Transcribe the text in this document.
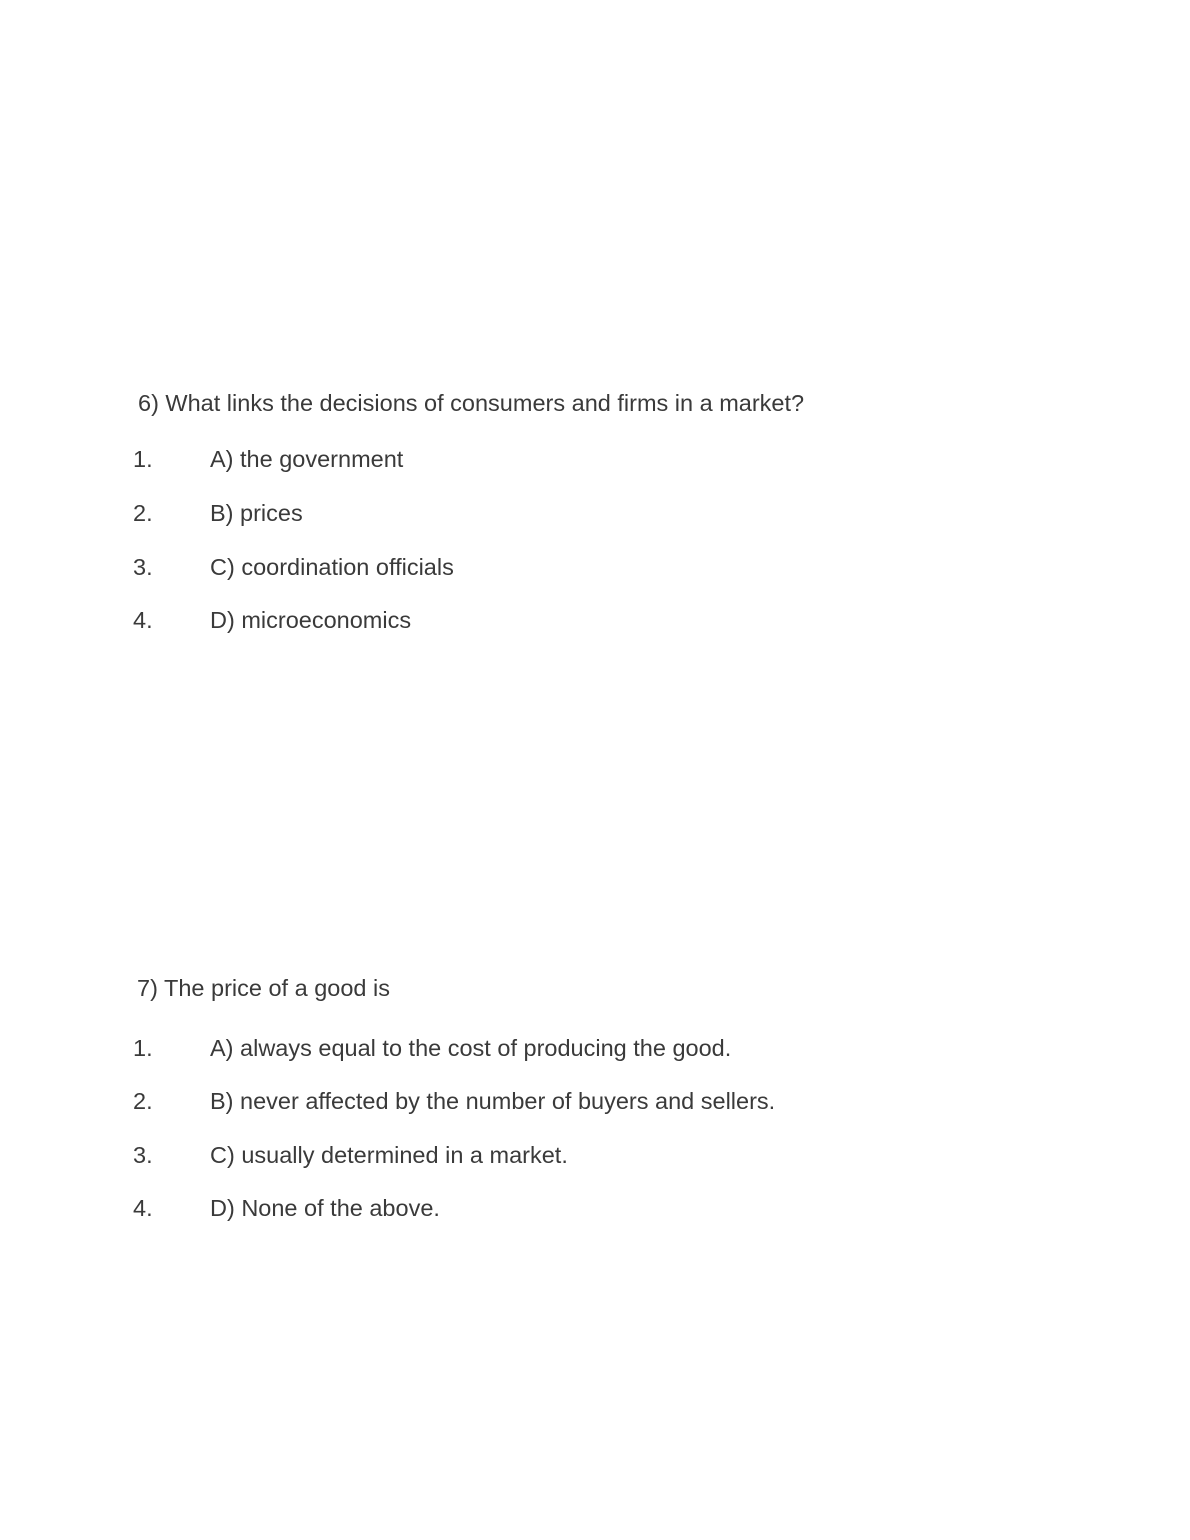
6) What links the decisions of consumers and firms in a market?
1.	A) the government
2.	B) prices
3.	C) coordination officials
4.	D) microeconomics
7) The price of a good is
1.	A) always equal to the cost of producing the good.
2.	B) never affected by the number of buyers and sellers.
3.	C) usually determined in a market.
4.	D) None of the above.
